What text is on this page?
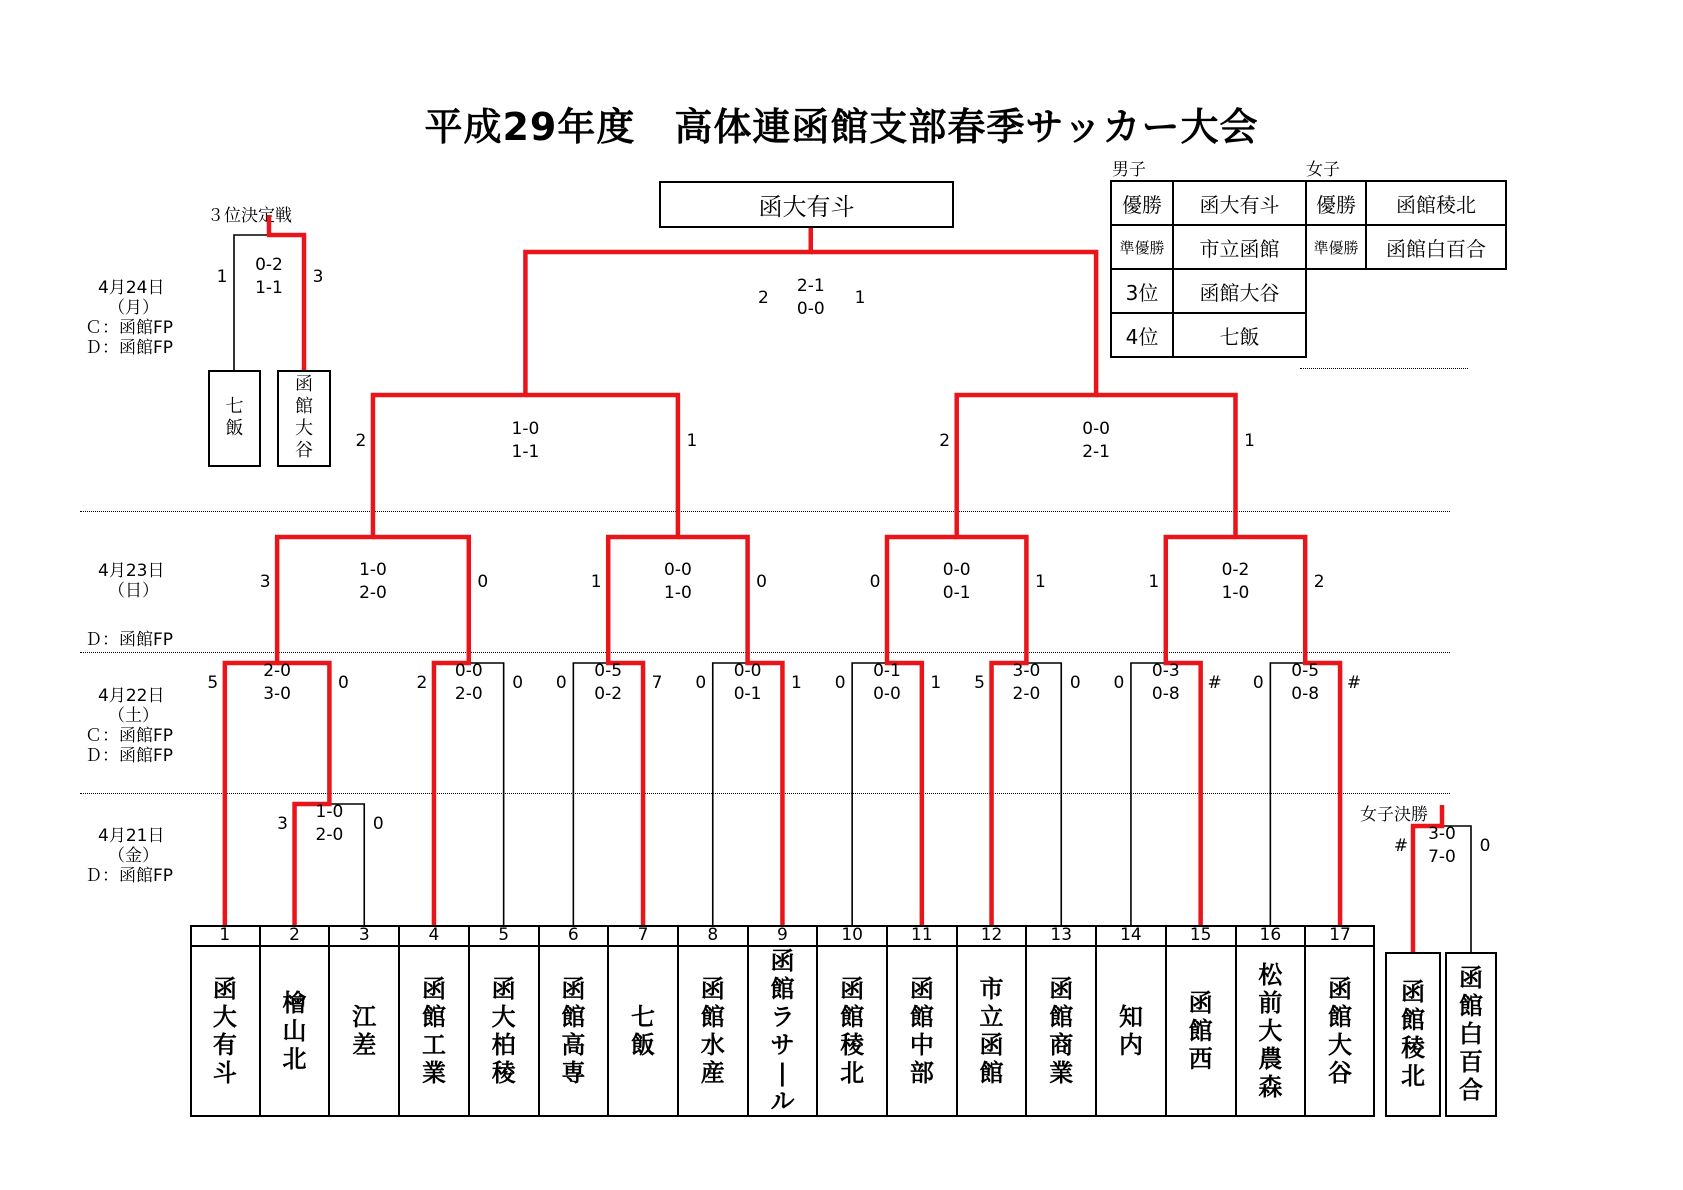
平成29年度　高体連函館支部春季サッカー大会
函大有斗
男子	女子
優勝	函大有斗	優勝	函館稜北
準優勝	市立函館	準優勝	函館白百合
3位	函館大谷		
4位	七飯		
4月24日
（月）
Ｃ：函館FP
Ｄ：函館FP
4月23日
（日）
Ｄ：函館FP
4月22日
（土）
Ｃ：函館FP
Ｄ：函館FP
4月21日
（金）
Ｄ：函館FP
３位決定戦
女子決勝
1
函
大
有
斗
2
檜
山
北
3
江
差
4
函
館
工
業
5
函
大
柏
稜
6
函
館
高
専
7
七
飯
8
函
館
水
産
9
函
館
ラ
サ
|
ル
10
函
館
稜
北
11
函
館
中
部
12
市
立
函
館
13
函
館
商
業
14
知
内
15
函
館
西
16
松
前
大
農
森
17
函
館
大
谷
函
館
稜
北
函
館
白
百
合
七
飯
函
館
大
谷
3	0
1-0
2-0
5	0
2-0
3-0
2	0
0-0
2-0
0	7
0-5
0-2
0	1
0-0
0-1
0	1
0-1
0-0
5	0
3-0
2-0
0	#
0-3
0-8
0	#
0-5
0-8
3	0
1-0
2-0
1	0
0-0
1-0
0	1
0-0
0-1
1	2
0-2
1-0
2	1
1-0
1-1
2	1
0-0
2-1
2	1
2-1
0-0
1	3
0-2
1-1
#	0
3-0
7-0
